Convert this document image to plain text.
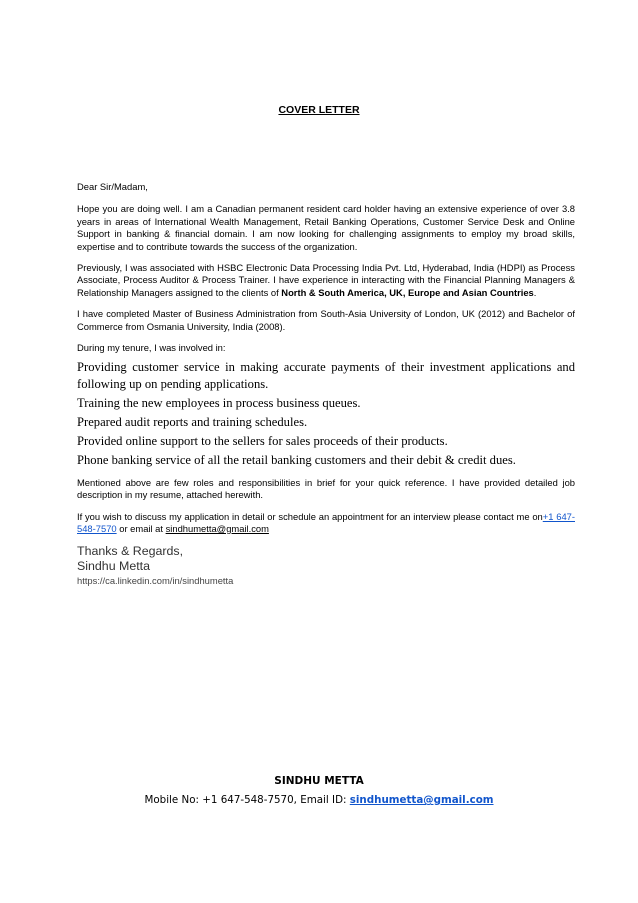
COVER LETTER

Dear Sir/Madam,

Hope you are doing well. I am a Canadian permanent resident card holder having an extensive experience of over 3.8 years in areas of International Wealth Management, Retail Banking Operations, Customer Service Desk and Online Support in banking & financial domain. I am now looking for challenging assignments to employ my broad skills, expertise and to contribute towards the success of the organization.

Previously, I was associated with HSBC Electronic Data Processing India Pvt. Ltd, Hyderabad, India (HDPI) as Process Associate, Process Auditor & Process Trainer. I have experience in interacting with the Financial Planning Managers & Relationship Managers assigned to the clients of North & South America, UK, Europe and Asian Countries.

I have completed Master of Business Administration from South-Asia University of London, UK (2012) and Bachelor of Commerce from Osmania University, India (2008).

During my tenure, I was involved in:

Providing customer service in making accurate payments of their investment applications and following up on pending applications.
Training the new employees in process business queues.
Prepared audit reports and training schedules.
Provided online support to the sellers for sales proceeds of their products.
Phone banking service of all the retail banking customers and their debit & credit dues.

Mentioned above are few roles and responsibilities in brief for your quick reference. I have provided detailed job description in my resume, attached herewith.

If you wish to discuss my application in detail or schedule an appointment for an interview please contact me on+1 647-548-7570 or email at sindhumetta@gmail.com

Thanks & Regards,
Sindhu Metta
https://ca.linkedin.com/in/sindhumetta
SINDHU METTA
Mobile No: +1 647-548-7570, Email ID: sindhumetta@gmail.com
